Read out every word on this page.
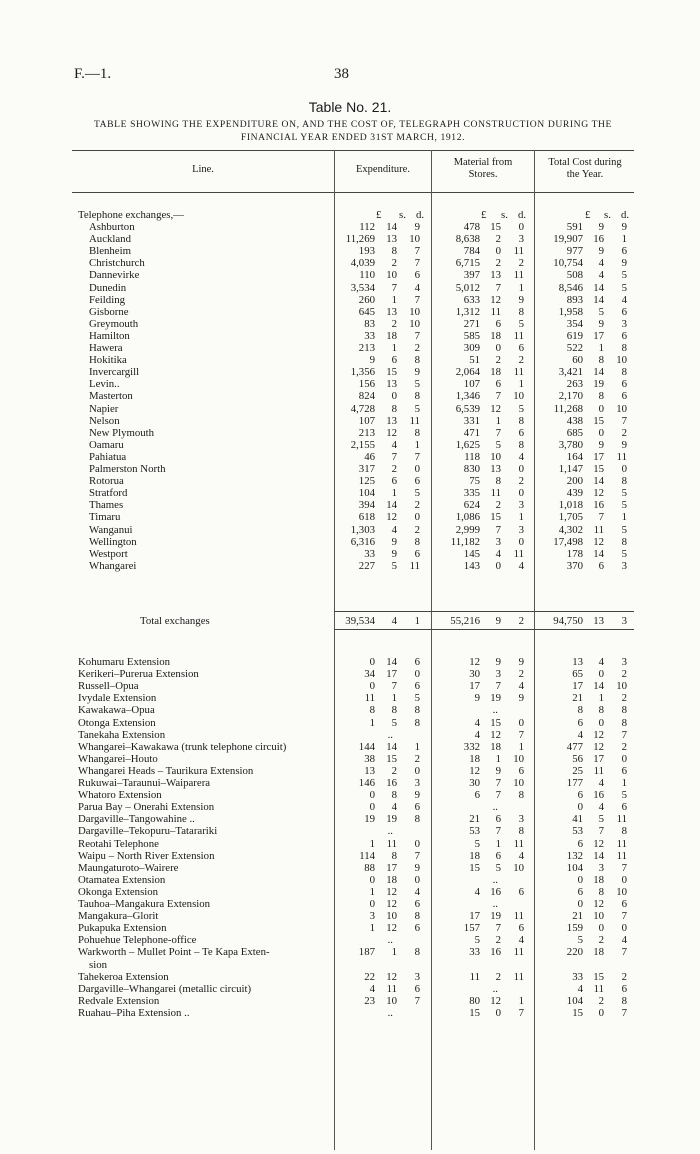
F.—1.	38
Table No. 21.
TABLE SHOWING THE EXPENDITURE ON, AND THE COST OF, TELEGRAPH CONSTRUCTION DURING THE
FINANCIAL YEAR ENDED 31ST MARCH, 1912.
Line.	Expenditure.
Material from
Stores.
Total Cost during
the Year.
Telephone exchanges,—	£ s. d.	£ s. d.	£ s. d.
Ashburton	112 14 9	478 15 0	591 9 9
Auckland	11,269 13 10	8,638 2 3	19,907 16 1
Blenheim	193 8 7	784 0 11	977 9 6
Christchurch	4,039 2 7	6,715 2 2	10,754 4 9
Dannevirke	110 10 6	397 13 11	508 4 5
Dunedin	3,534 7 4	5,012 7 1	8,546 14 5
Feilding	260 1 7	633 12 9	893 14 4
Gisborne	645 13 10	1,312 11 8	1,958 5 6
Greymouth	83 2 10	271 6 5	354 9 3
Hamilton	33 18 7	585 18 11	619 17 6
Hawera	213 1 2	309 0 6	522 1 8
Hokitika	9 6 8	51 2 2	60 8 10
Invercargill	1,356 15 9	2,064 18 11	3,421 14 8
Levin..	156 13 5	107 6 1	263 19 6
Masterton	824 0 8	1,346 7 10	2,170 8 6
Napier	4,728 8 5	6,539 12 5	11,268 0 10
Nelson	107 13 11	331 1 8	438 15 7
New Plymouth	213 12 8	471 7 6	685 0 2
Oamaru	2,155 4 1	1,625 5 8	3,780 9 9
Pahiatua	46 7 7	118 10 4	164 17 11
Palmerston North	317 2 0	830 13 0	1,147 15 0
Rotorua	125 6 6	75 8 2	200 14 8
Stratford	104 1 5	335 11 0	439 12 5
Thames	394 14 2	624 2 3	1,018 16 5
Timaru	618 12 0	1,086 15 1	1,705 7 1
Wanganui	1,303 4 2	2,999 7 3	4,302 11 5
Wellington	6,316 9 8	11,182 3 0	17,498 12 8
Westport	33 9 6	145 4 11	178 14 5
Whangarei	227 5 11	143 0 4	370 6 3
Total exchanges	39,534 4 1	55,216 9 2	94,750 13 3
Kohumaru Extension	0 14 6	12 9 9	13 4 3
Kerikeri–Purerua Extension	34 17 0	30 3 2	65 0 2
Russell–Opua	0 7 6	17 7 4	17 14 10
Ivydale Extension	11 1 5	9 19 9	21 1 2
Kawakawa–Opua	8 8 8	..	8 8 8
Otonga Extension	1 5 8	4 15 0	6 0 8
Tanekaha Extension	..	4 12 7	4 12 7
Whangarei–Kawakawa (trunk telephone circuit)	144 14 1	332 18 1	477 12 2
Whangarei–Houto	38 15 2	18 1 10	56 17 0
Whangarei Heads – Taurikura Extension	13 2 0	12 9 6	25 11 6
Rukuwai–Taraunui–Waiparera	146 16 3	30 7 10	177 4 1
Whatoro Extension	0 8 9	6 7 8	6 16 5
Parua Bay – Onerahi Extension	0 4 6	..	0 4 6
Dargaville–Tangowahine ..	19 19 8	21 6 3	41 5 11
Dargaville–Tekopuru–Tatarariki	..	53 7 8	53 7 8
Reotahi Telephone	1 11 0	5 1 11	6 12 11
Waipu – North River Extension	114 8 7	18 6 4	132 14 11
Maungaturoto–Wairere	88 17 9	15 5 10	104 3 7
Otamatea Extension	0 18 0	..	0 18 0
Okonga Extension	1 12 4	4 16 6	6 8 10
Tauhoa–Mangakura Extension	0 12 6	..	0 12 6
Mangakura–Glorit	3 10 8	17 19 11	21 10 7
Pukapuka Extension	1 12 6	157 7 6	159 0 0
Pohuehue Telephone-office	..	5 2 4	5 2 4
Warkworth – Mullet Point – Te Kapa Exten-	187 1 8	33 16 11	220 18 7
sion
Tahekeroa Extension	22 12 3	11 2 11	33 15 2
Dargaville–Whangarei (metallic circuit)	4 11 6	..	4 11 6
Redvale Extension	23 10 7	80 12 1	104 2 8
Ruahau–Piha Extension ..	..	15 0 7	15 0 7
